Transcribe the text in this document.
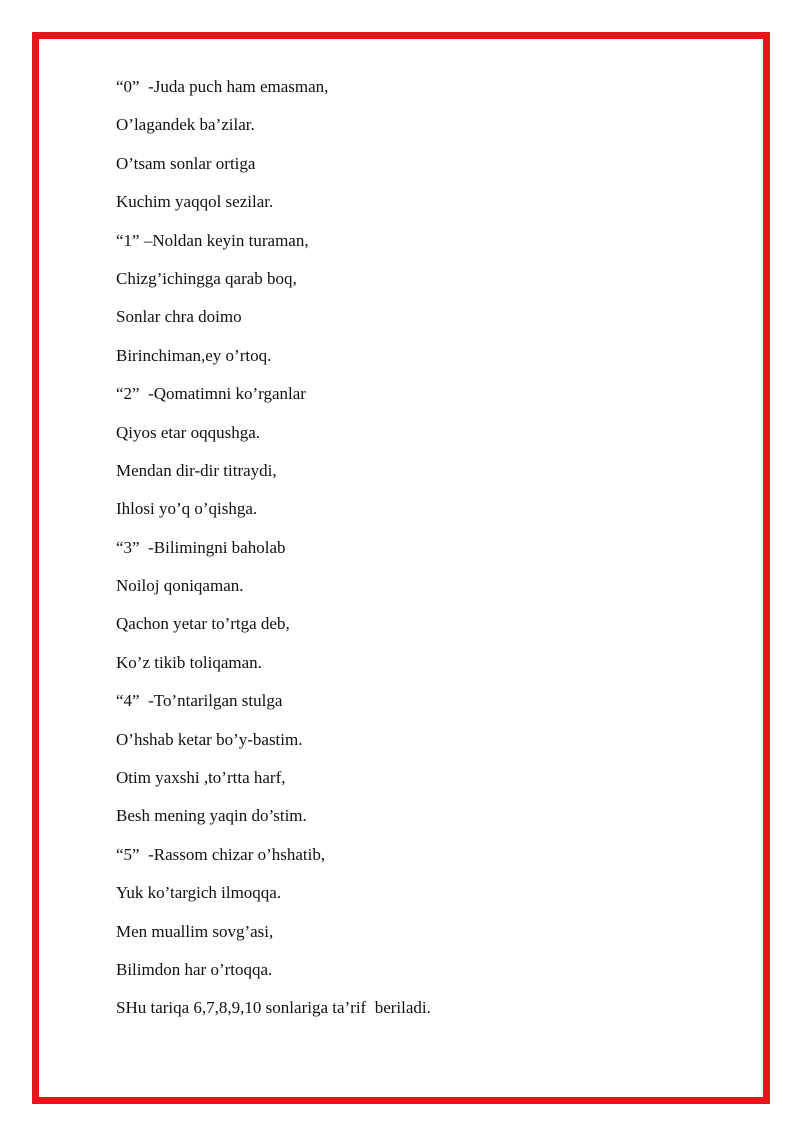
“0”  -Juda puch ham emasman,
O’lagandek ba’zilar.
O’tsam sonlar ortiga
Kuchim yaqqol sezilar.
“1” –Noldan keyin turaman,
Chizg’ichingga qarab boq,
Sonlar chra doimo
Birinchiman,ey o’rtoq.
“2”  -Qomatimni ko’rganlar
Qiyos etar oqqushga.
Mendan dir-dir titraydi,
Ihlosi yo’q o’qishga.
“3”  -Bilimingni baholab
Noiloj qoniqaman.
Qachon yetar to’rtga deb,
Ko’z tikib toliqaman.
“4”  -To’ntarilgan stulga
O’hshab ketar bo’y-bastim.
Otim yaxshi ,to’rtta harf,
Besh mening yaqin do’stim.
“5”  -Rassom chizar o’hshatib,
Yuk ko’targich ilmoqqa.
Men muallim sovg’asi,
Bilimdon har o’rtoqqa.
SHu tariqa 6,7,8,9,10 sonlariga ta’rif  beriladi.
